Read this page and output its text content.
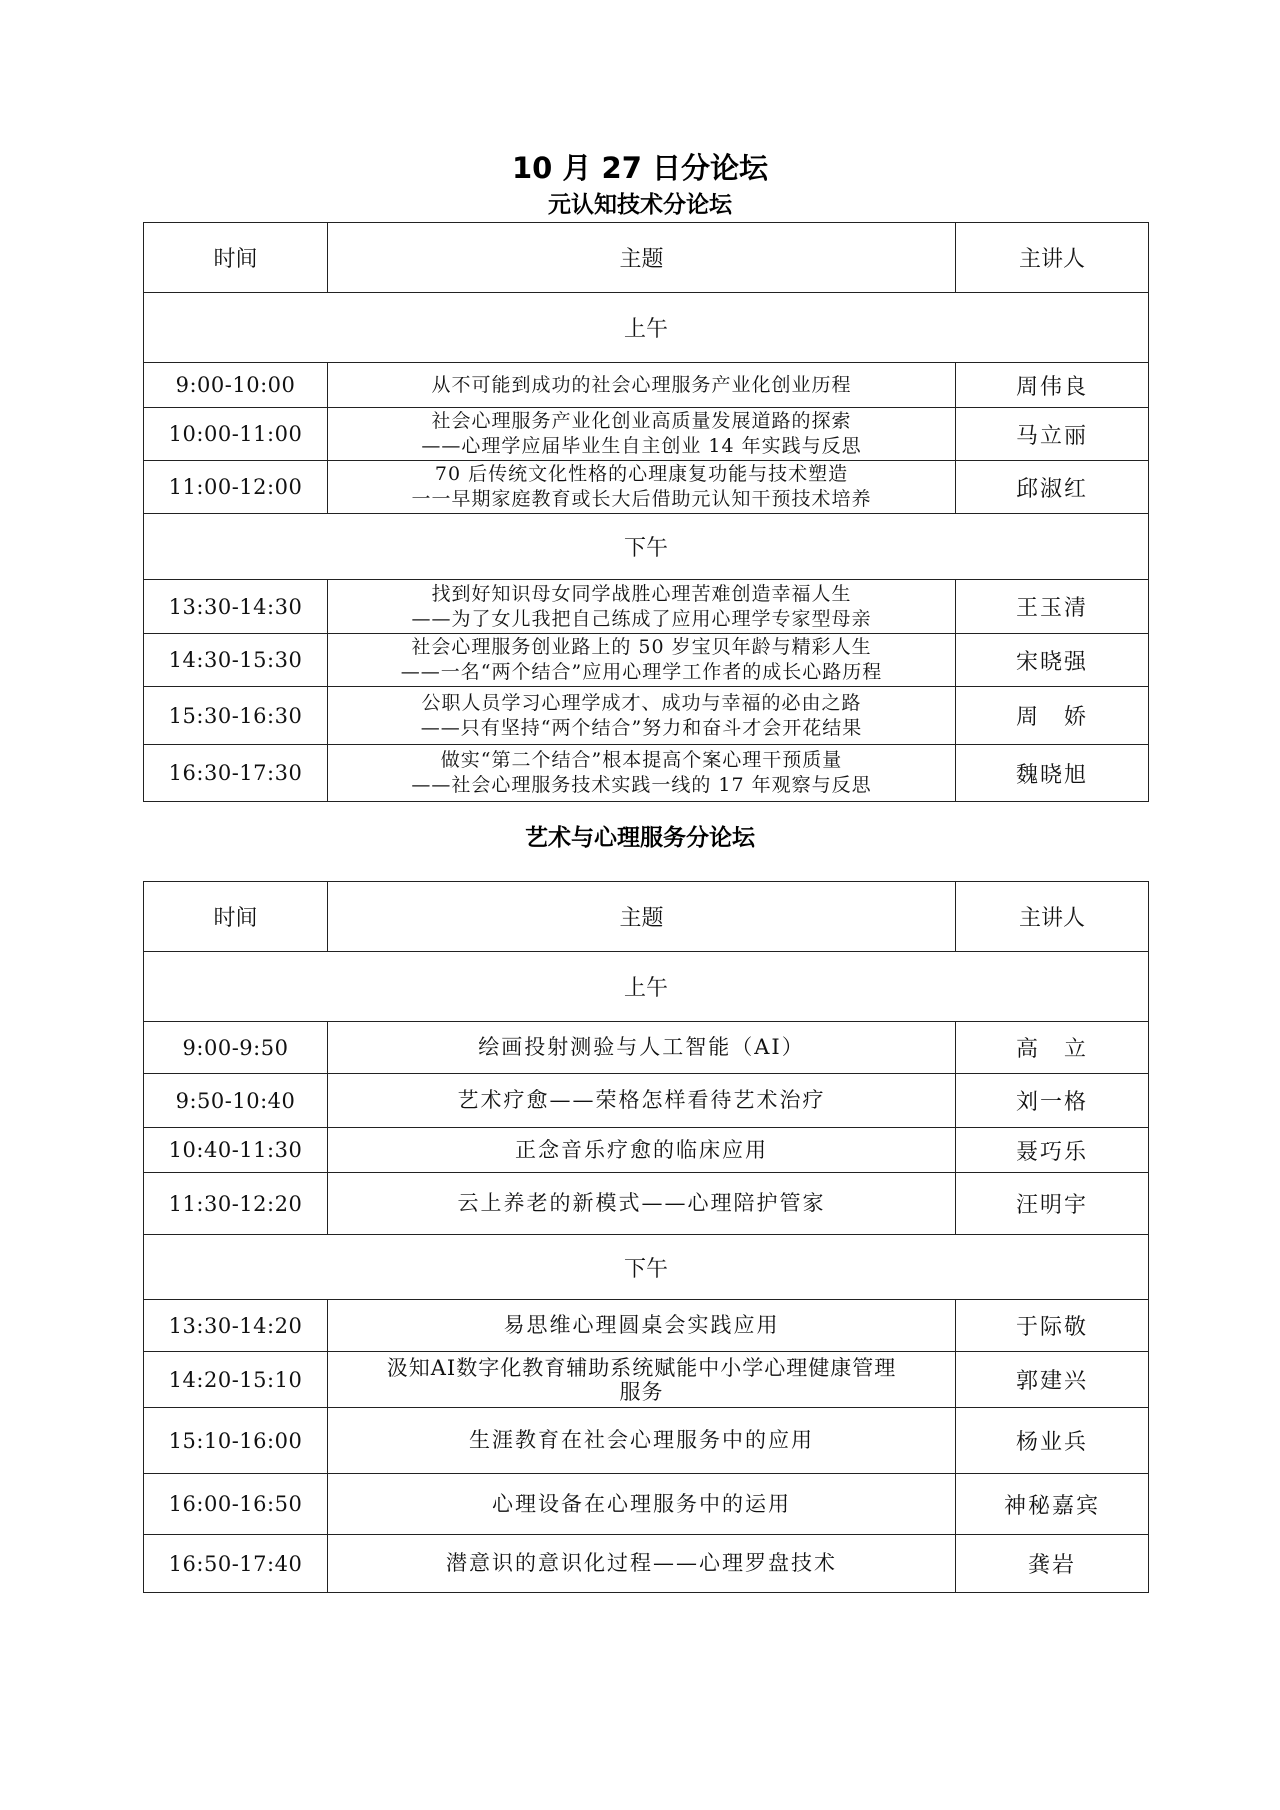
10 月 27 日分论坛
元认知技术分论坛
时间	主题	主讲人
上午		
9:00-10:00	从不可能到成功的社会心理服务产业化创业历程	周伟良
10:00-11:00	社会心理服务产业化创业高质量发展道路的探索
——心理学应届毕业生自主创业 14 年实践与反思	马立丽
11:00-12:00	70 后传统文化性格的心理康复功能与技术塑造
一一早期家庭教育或长大后借助元认知干预技术培养	邱淑红
下午		
13:30-14:30	找到好知识母女同学战胜心理苦难创造幸福人生
——为了女儿我把自己练成了应用心理学专家型母亲	王玉清
14:30-15:30	社会心理服务创业路上的 50 岁宝贝年龄与精彩人生
——一名“两个结合”应用心理学工作者的成长心路历程	宋晓强
15:30-16:30	公职人员学习心理学成才、成功与幸福的必由之路
——只有坚持“两个结合”努力和奋斗才会开花结果	周　娇
16:30-17:30	做实“第二个结合”根本提高个案心理干预质量
——社会心理服务技术实践一线的 17 年观察与反思	魏晓旭
艺术与心理服务分论坛
时间	主题	主讲人
上午		
9:00-9:50	绘画投射测验与人工智能（AI）	高　立
9:50-10:40	艺术疗愈——荣格怎样看待艺术治疗	刘一格
10:40-11:30	正念音乐疗愈的临床应用	聂巧乐
11:30-12:20	云上养老的新模式——心理陪护管家	汪明宇
下午		
13:30-14:20	易思维心理圆桌会实践应用	于际敬
14:20-15:10	汲知AI数字化教育辅助系统赋能中小学心理健康管理
服务	郭建兴
15:10-16:00	生涯教育在社会心理服务中的应用	杨业兵
16:00-16:50	心理设备在心理服务中的运用	神秘嘉宾
16:50-17:40	潜意识的意识化过程——心理罗盘技术	龚岩
